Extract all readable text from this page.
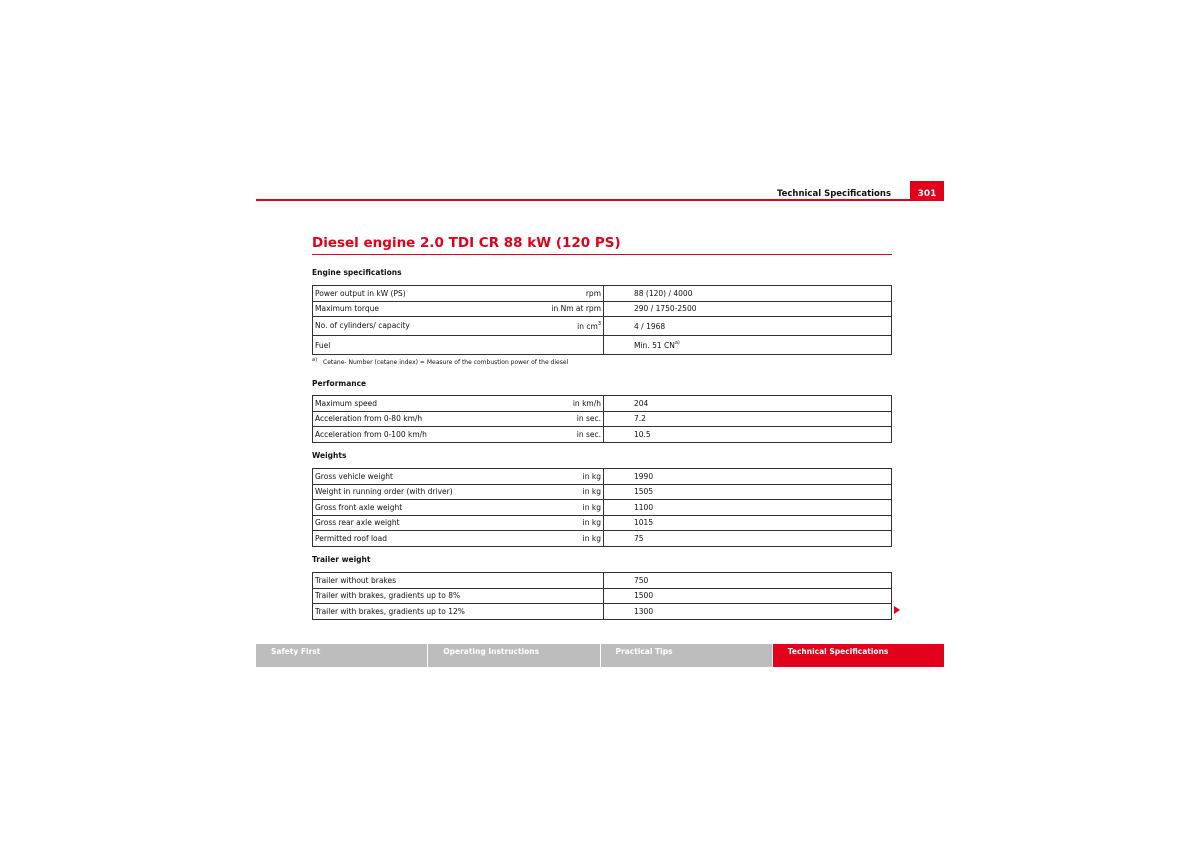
Technical Specifications	301
Diesel engine 2.0 TDI CR 88 kW (120 PS)
Engine specifications
Power output in kW (PS) rpm	88 (120) / 4000
Maximum torque in Nm at rpm	290 / 1750-2500
No. of cylinders/ capacity in $cm^3$	4 / 1968
Fuel	Min. 51 CN$^{a)}$
$^{a)}$ Cetane- Number (cetane index) = Measure of the combustion power of the diesel
Performance
Maximum speed in km/h	204
Acceleration from 0-80 km/h in sec.	7.2
Acceleration from 0-100 km/h in sec.	10.5
Weights
Gross vehicle weight in kg	1990
Weight in running order (with driver) in kg	1505
Gross front axle weight in kg	1100
Gross rear axle weight in kg	1015
Permitted roof load in kg	75
Trailer weight
Trailer without brakes	750
Trailer with brakes, gradients up to 8%	1500
Trailer with brakes, gradients up to 12%	1300
Safety First	Operating Instructions	Practical Tips	Technical Specifications
